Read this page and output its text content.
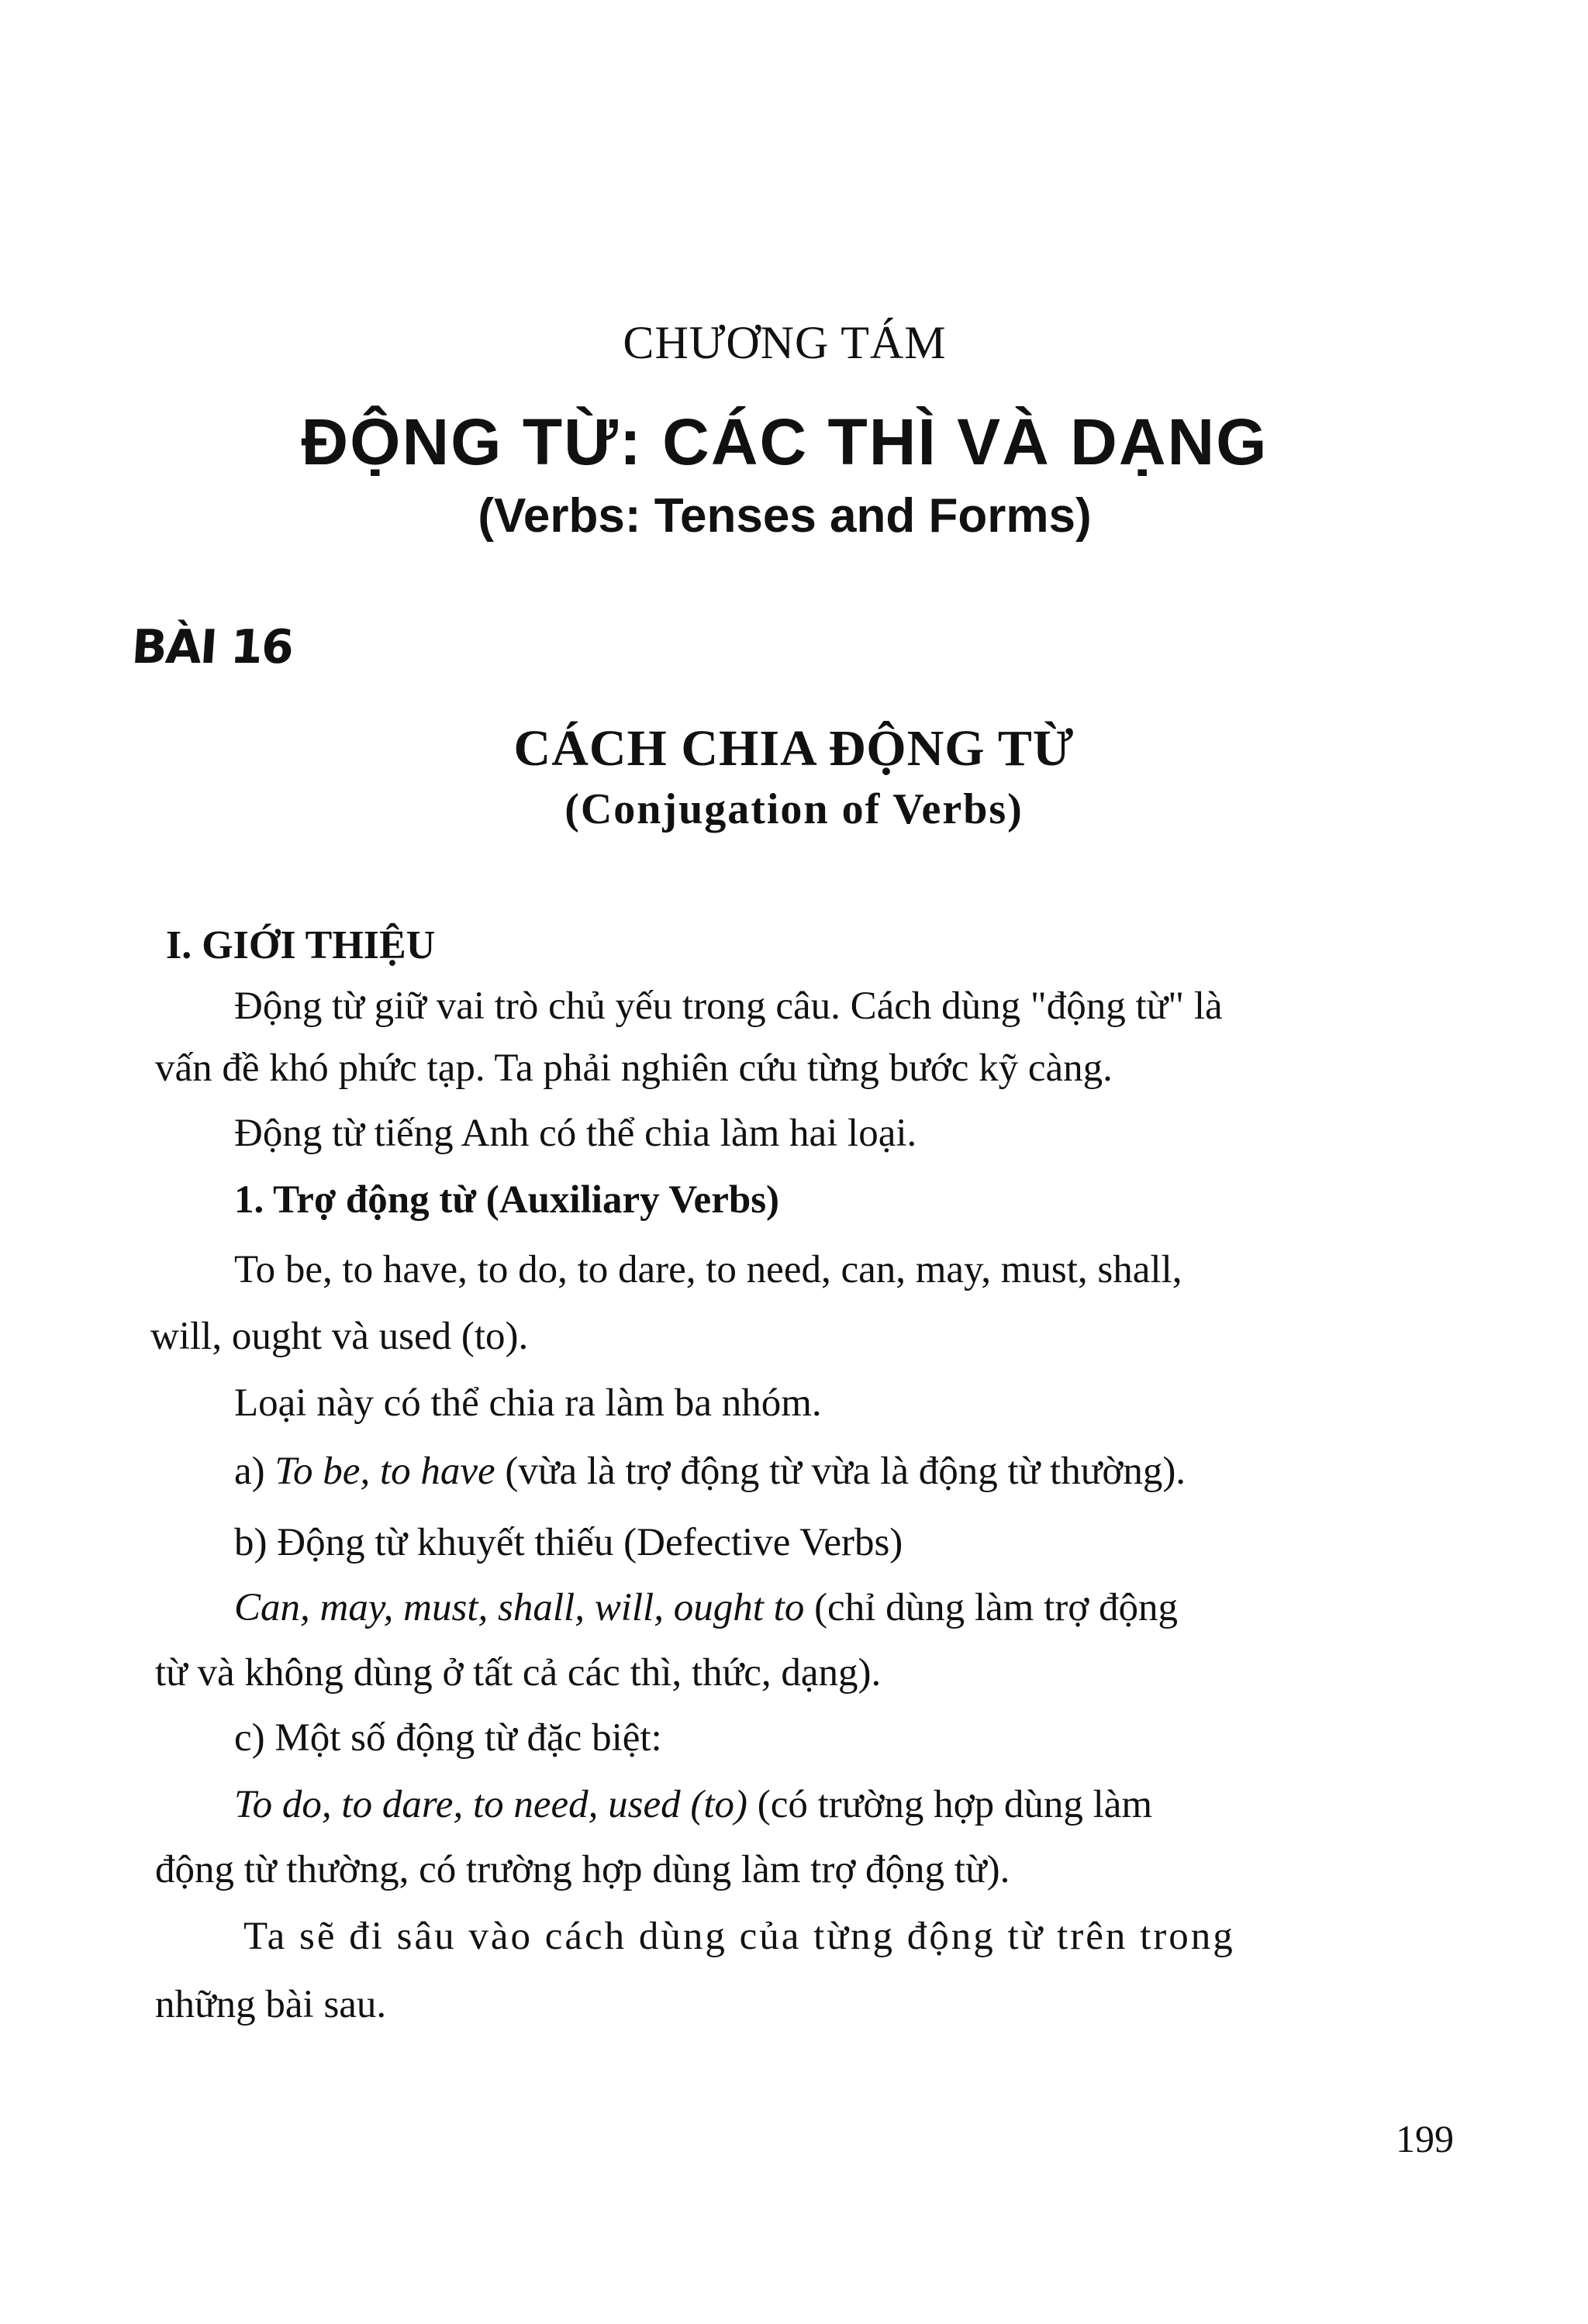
CHƯƠNG TÁM
ĐỘNG TỪ: CÁC THÌ VÀ DẠNG
(Verbs: Tenses and Forms)
BÀI 16
CÁCH CHIA ĐỘNG TỪ
(Conjugation of Verbs)
I. GIỚI THIỆU
Động từ giữ vai trò chủ yếu trong câu. Cách dùng "động từ" là
vấn đề khó phức tạp. Ta phải nghiên cứu từng bước kỹ càng.
Động từ tiếng Anh có thể chia làm hai loại.
1. Trợ động từ (Auxiliary Verbs)
To be, to have, to do, to dare, to need, can, may, must, shall,
will, ought và used (to).
Loại này có thể chia ra làm ba nhóm.
a) To be, to have (vừa là trợ động từ vừa là động từ thường).
b) Động từ khuyết thiếu (Defective Verbs)
Can, may, must, shall, will, ought to (chỉ dùng làm trợ động
từ và không dùng ở tất cả các thì, thức, dạng).
c) Một số động từ đặc biệt:
To do, to dare, to need, used (to) (có trường hợp dùng làm
động từ thường, có trường hợp dùng làm trợ động từ).
Ta sẽ đi sâu vào cách dùng của từng động từ trên trong
những bài sau.
199
